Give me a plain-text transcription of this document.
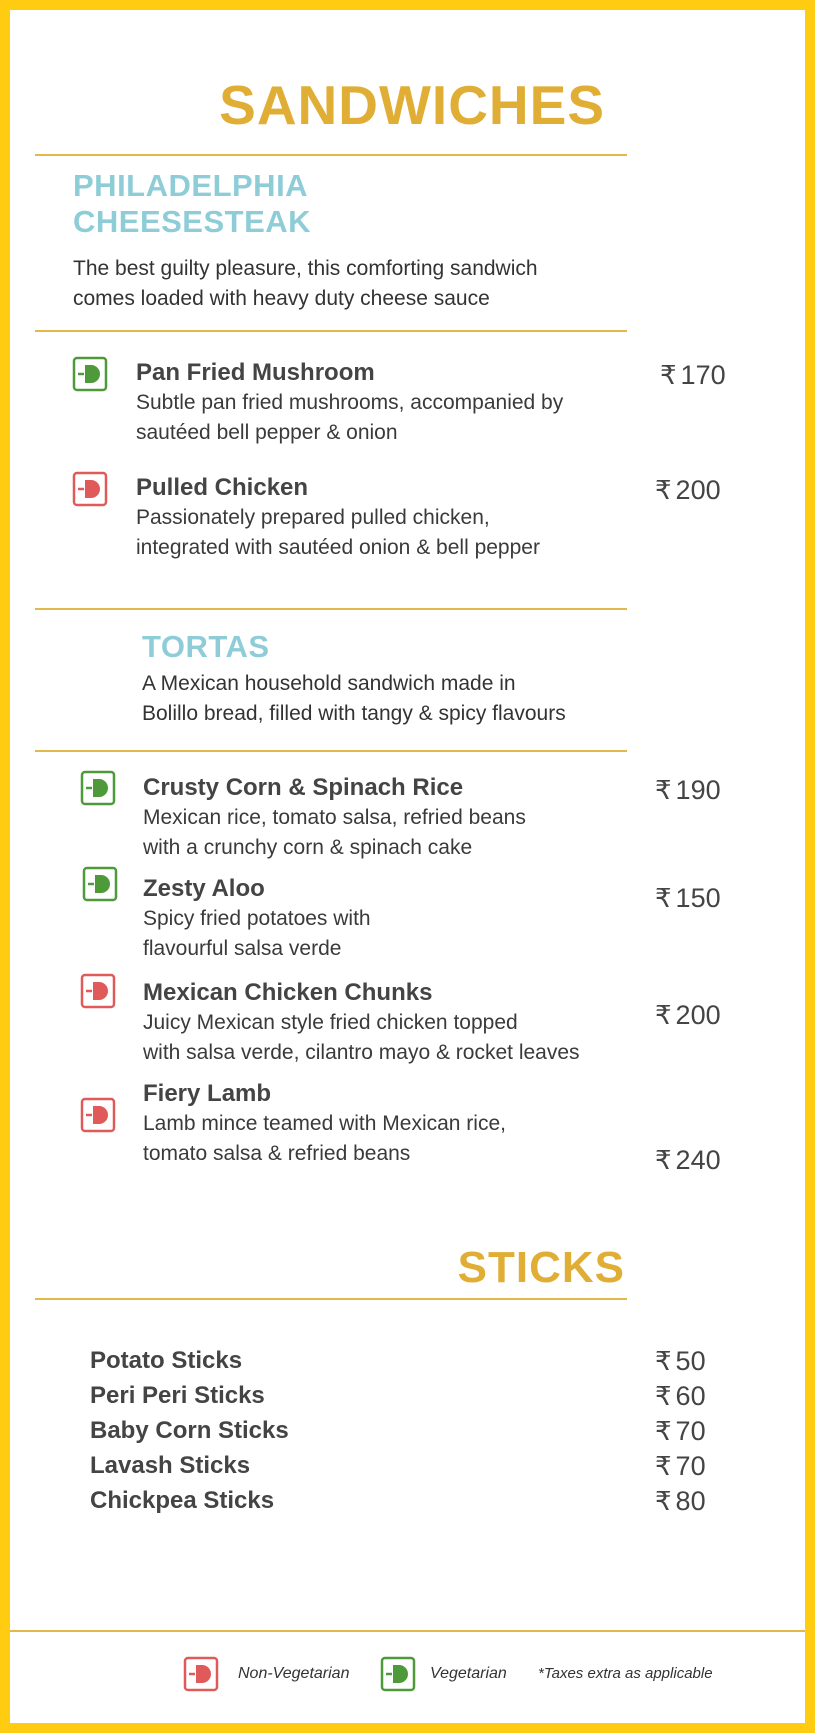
SANDWICHES
PHILADELPHIA
CHEESESTEAK
The best guilty pleasure, this comforting sandwich
comes loaded with heavy duty cheese sauce
Pan Fried Mushroom
Subtle pan fried mushrooms, accompanied by
sautéed bell pepper & onion
₹ 170
Pulled Chicken
Passionately prepared pulled chicken,
integrated with sautéed onion & bell pepper
₹ 200
TORTAS
A Mexican household sandwich made in
Bolillo bread, filled with tangy & spicy flavours
Crusty Corn & Spinach Rice
Mexican rice, tomato salsa, refried beans
with a crunchy corn & spinach cake
₹ 190
Zesty Aloo
Spicy fried potatoes with
flavourful salsa verde
₹ 150
Mexican Chicken Chunks
Juicy Mexican style fried chicken topped
with salsa verde, cilantro mayo & rocket leaves
₹ 200
Fiery Lamb
Lamb mince teamed with Mexican rice,
tomato salsa & refried beans	₹ 240
STICKS
Potato Sticks	₹ 50
Peri Peri Sticks	₹ 60
Baby Corn Sticks	₹ 70
Lavash Sticks	₹ 70
Chickpea Sticks	₹ 80
Non-Vegetarian	Vegetarian *Taxes extra as applicable
